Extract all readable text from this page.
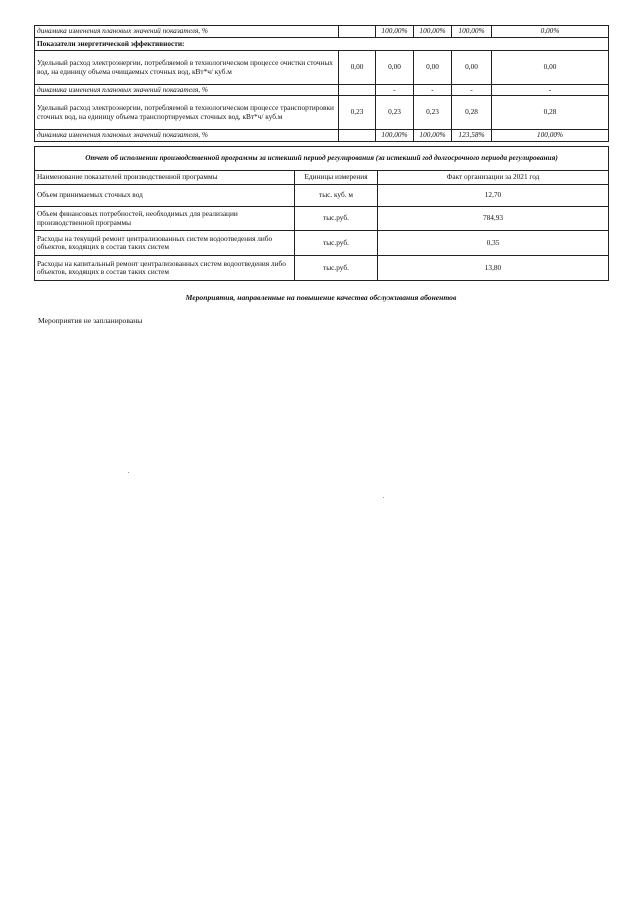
динамика изменения плановых значений показателя, %		100,00%	100,00%	100,00%	0,00%
Показатели энергетической эффективности:					
Удельный расход электроэнергии, потребляемой в технологическом процессе очистки сточных вод, на единицу объема очищаемых сточных вод, кВт*ч/ куб.м	0,00	0,00	0,00	0,00	0,00
динамика изменения плановых значений показателя, %		-	-	-	-
Удельный расход электроэнергии, потребляемой в технологическом процессе транспортировки сточных вод, на единицу объема транспортируемых сточных вод, кВт*ч/ куб.м	0,23	0,23	0,23	0,28	0,28
динамика изменения плановых значений показателя, %		100,00%	100,00%	123,58%	100,00%
Отчет об исполнении производственной программы за истекший период регулирования (за истекший год долгосрочного периода регулирования)		
Наименование показателей производственной программы	Единицы измерения	Факт организации за 2021 год
Объем принимаемых сточных вод	тыс. куб. м	12,70
Объем финансовых потребностей, необходимых для реализации производственной программы	тыс.руб.	784,93
Расходы на текущий ремонт централизованных систем водоотведения либо объектов, входящих в состав таких систем	тыс.руб.	0,35
Расходы на капитальный ремонт централизованных систем водоотведения либо объектов, входящих в состав таких систем	тыс.руб.	13,80
Мероприятия, направленные на повышение качества обслуживания абонентов
Мероприятия не запланированы
